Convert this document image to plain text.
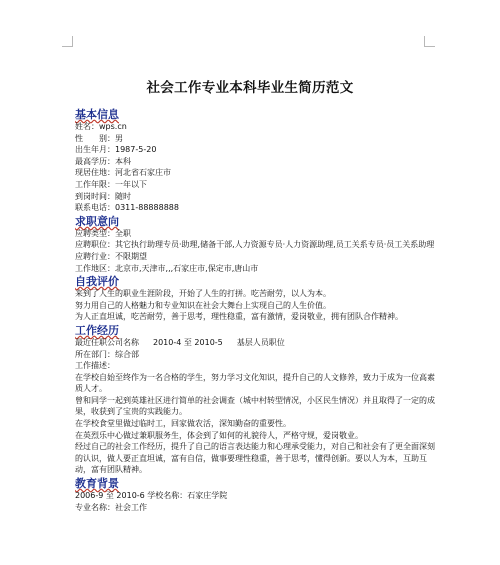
社会工作专业本科毕业生简历范文
基本信息
姓名：wps.cn
性　　别：男
出生年月：1987-5-20
最高学历：本科
现居住地：河北省石家庄市
工作年限：一年以下
到岗时间：随时
联系电话：0311-88888888
求职意向
应聘类型：全职
应聘职位：其它执行助理专员·助理,储备干部,人力资源专员·人力资源助理,员工关系专员·员工关系助理
应聘行业：不限期望
工作地区：北京市,天津市,,,石家庄市,保定市,唐山市
自我评价
来到了人生的职业生涯阶段，开始了人生的打拼。吃苦耐劳，以人为本。
努力用自己的人格魅力和专业知识在社会大舞台上实现自己的人生价值。
为人正直坦诚，吃苦耐劳，善于思考，理性稳重，富有激情，爱岗敬业，拥有团队合作精神。
工作经历
最近任职公司名称 2010-4 至 2010-5 基层人员职位
所在部门：综合部
工作描述：
在学校自始至终作为一名合格的学生，努力学习文化知识，提升自己的人文修养，致力于成为一位高素质人才。
曾和同学一起到英雄社区进行简单的社会调查（城中村转型情况，小区民生情况）并且取得了一定的成果，收获到了宝贵的实践能力。
在学校食堂里做过临时工，回家做农活，深知勤奋的重要性。
在英烈乐中心做过兼职服务生，体会到了如何的礼貌待人，严格守规，爱岗敬业。
经过自己的社会工作经历，提升了自己的语言表达能力和心理承受能力，对自己和社会有了更全面深刻的认识，做人要正直坦诚，富有自信，做事要理性稳重，善于思考，懂得创新。要以人为本，互助互动，富有团队精神。
教育背景
2006-9 至 2010-6 学校名称：石家庄学院
专业名称：社会工作
